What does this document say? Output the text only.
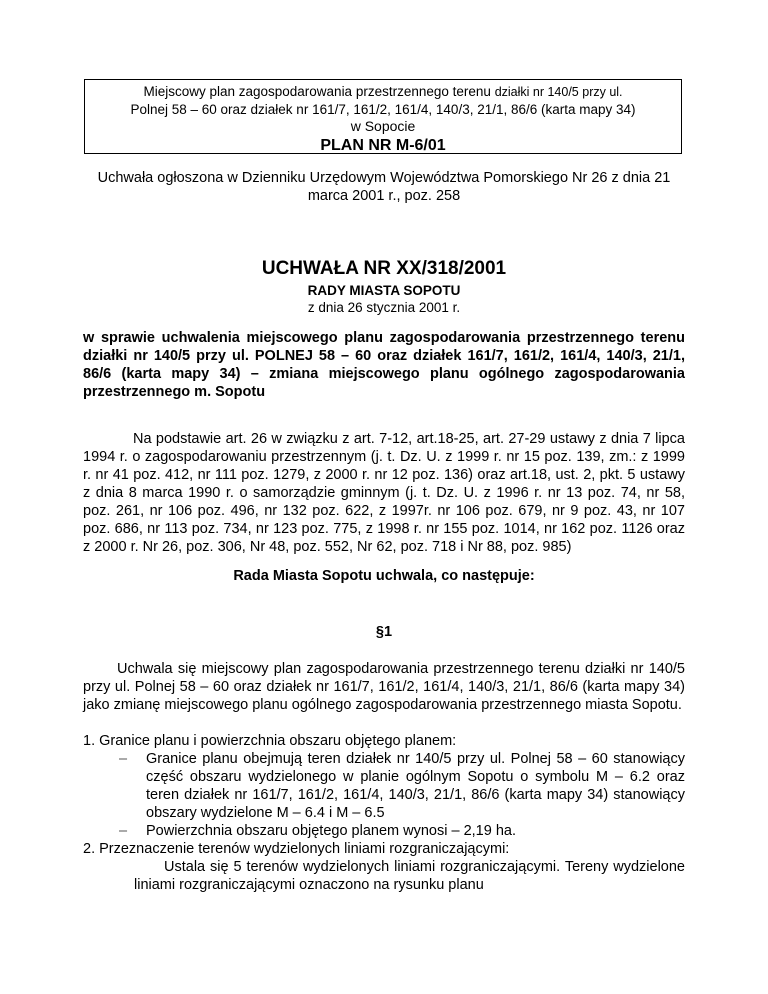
Miejscowy plan zagospodarowania przestrzennego terenu działki nr 140/5 przy ul.
Polnej 58 – 60 oraz działek nr 161/7, 161/2, 161/4, 140/3, 21/1, 86/6 (karta mapy 34)
w Sopocie
PLAN NR M-6/01
Uchwała ogłoszona w Dzienniku Urzędowym Województwa Pomorskiego Nr 26 z dnia 21 marca 2001 r., poz. 258
UCHWAŁA NR XX/318/2001
RADY MIASTA SOPOTU
z dnia 26 stycznia 2001 r.
w sprawie uchwalenia miejscowego planu zagospodarowania przestrzennego terenu działki nr 140/5 przy ul. POLNEJ 58 – 60 oraz działek 161/7, 161/2, 161/4, 140/3, 21/1, 86/6 (karta mapy 34) – zmiana miejscowego planu ogólnego zagospodarowania przestrzennego m. Sopotu
Na podstawie art. 26 w związku z art. 7-12, art.18-25, art. 27-29 ustawy z dnia 7 lipca 1994 r. o zagospodarowaniu przestrzennym (j. t. Dz. U. z 1999 r. nr 15 poz. 139, zm.: z 1999 r. nr 41 poz. 412, nr 111 poz. 1279, z 2000 r. nr 12 poz. 136) oraz art.18, ust. 2, pkt. 5 ustawy z dnia 8 marca 1990 r. o samorządzie gminnym (j. t. Dz. U. z 1996 r. nr 13 poz. 74, nr 58, poz. 261, nr 106 poz. 496, nr 132 poz. 622, z 1997r. nr 106 poz. 679, nr 9 poz. 43, nr 107 poz. 686, nr 113 poz. 734, nr 123 poz. 775, z 1998 r. nr 155 poz. 1014, nr 162 poz. 1126 oraz z 2000 r. Nr 26, poz. 306, Nr 48, poz. 552, Nr 62, poz. 718 i Nr 88, poz. 985)
Rada Miasta Sopotu uchwala, co następuje:
§1
Uchwala się miejscowy plan zagospodarowania przestrzennego terenu działki nr 140/5 przy ul. Polnej 58 – 60 oraz działek nr 161/7, 161/2, 161/4, 140/3, 21/1, 86/6 (karta mapy 34) jako zmianę miejscowego planu ogólnego zagospodarowania przestrzennego miasta Sopotu.
1. Granice planu i powierzchnia obszaru objętego planem:
– Granice planu obejmują teren działek nr 140/5 przy ul. Polnej 58 – 60 stanowiący część obszaru wydzielonego w planie ogólnym Sopotu o symbolu M – 6.2 oraz teren działek nr 161/7, 161/2, 161/4, 140/3, 21/1, 86/6 (karta mapy 34) stanowiący obszary wydzielone M – 6.4 i M – 6.5
– Powierzchnia obszaru objętego planem wynosi – 2,19 ha.
2. Przeznaczenie terenów wydzielonych liniami rozgraniczającymi:
Ustala się 5 terenów wydzielonych liniami rozgraniczającymi. Tereny wydzielone liniami rozgraniczającymi oznaczono na rysunku planu
